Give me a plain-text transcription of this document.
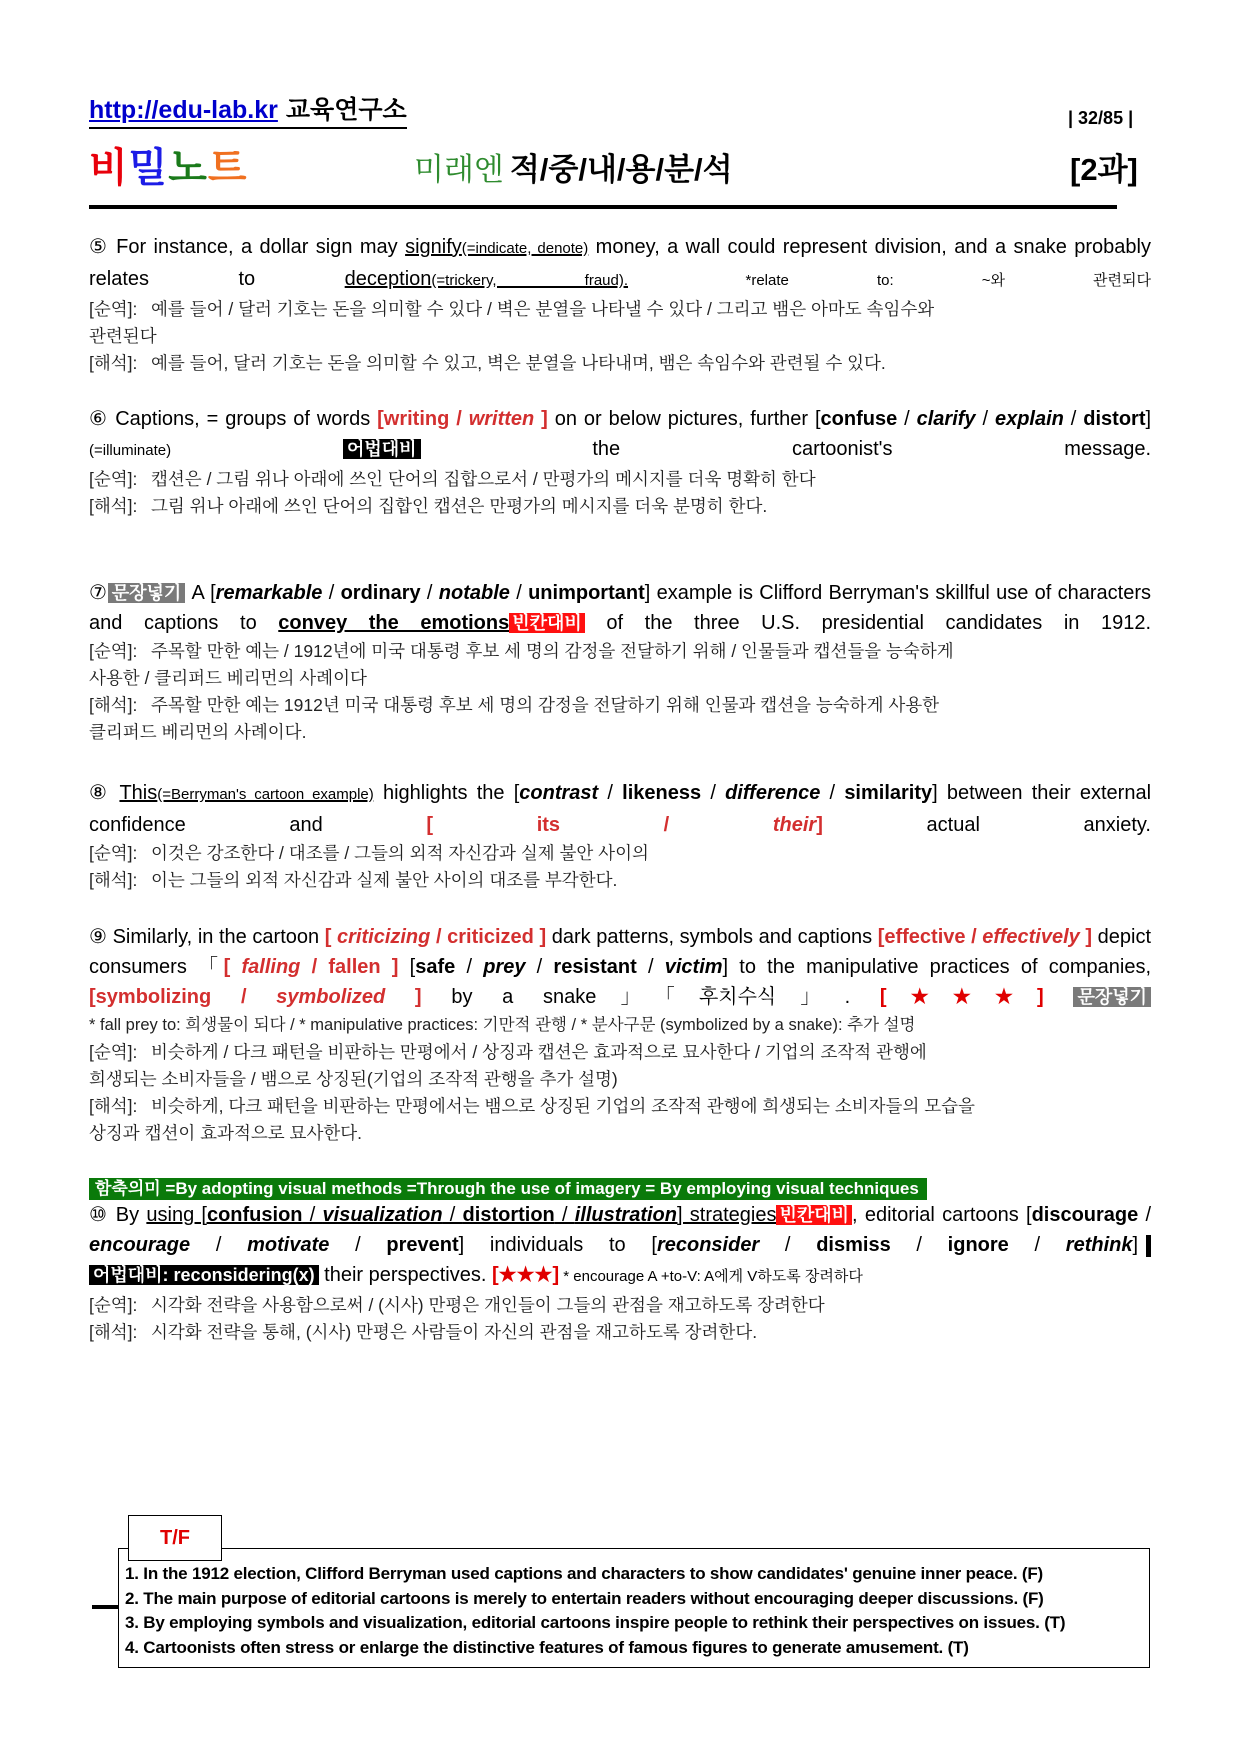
http://edu-lab.kr 교육연구소	| 32/85 |
비밀노트	미래엔 적/중/내/용/분/석	[2과]
⑤ For instance, a dollar sign may signify(=indicate, denote) money, a wall could represent division, and a snake probably relates to deception(=trickery, fraud).	*relate to: ~와 관련되다
[순역]: 예를 들어 / 달러 기호는 돈을 의미할 수 있다 / 벽은 분열을 나타낼 수 있다 / 그리고 뱀은 아마도 속임수와
관련된다
[해석]: 예를 들어, 달러 기호는 돈을 의미할 수 있고, 벽은 분열을 나타내며, 뱀은 속임수와 관련될 수 있다.
⑥ Captions, = groups of words [writing / written ] on or below pictures, further [confuse / clarify / explain / distort](=illuminate)	어법대비 the cartoonist's message.
[순역]: 캡션은 / 그림 위나 아래에 쓰인 단어의 집합으로서 / 만평가의 메시지를 더욱 명확히 한다
[해석]: 그림 위나 아래에 쓰인 단어의 집합인 캡션은 만평가의 메시지를 더욱 분명히 한다.
⑦ 문장넣기 A [remarkable / ordinary / notable / unimportant] example is Clifford Berryman's skillful use of characters and captions to convey the emotions 빈칸대비 of the three U.S. presidential candidates in 1912.
[순역]: 주목할 만한 예는 / 1912년에 미국 대통령 후보 세 명의 감정을 전달하기 위해 / 인물들과 캡션들을 능숙하게
사용한 / 클리퍼드 베리먼의 사례이다
[해석]: 주목할 만한 예는 1912년 미국 대통령 후보 세 명의 감정을 전달하기 위해 인물과 캡션을 능숙하게 사용한
클리퍼드 베리먼의 사례이다.
⑧ This(=Berryman's cartoon example) highlights the [contrast / likeness / difference / similarity] between their external confidence and [ its / their] actual anxiety.
[순역]: 이것은 강조한다 / 대조를 / 그들의 외적 자신감과 실제 불안 사이의
[해석]: 이는 그들의 외적 자신감과 실제 불안 사이의 대조를 부각한다.
⑨ Similarly, in the cartoon [ criticizing / criticized ] dark patterns, symbols and captions [effective / effectively ] depict consumers 「[ falling / fallen ] [safe / prey / resistant / victim] to the manipulative practices of companies, [symbolizing / symbolized ] by a snake」「후치수식」. [★★★] 문장넣기
* fall prey to: 희생물이 되다 / * manipulative practices: 기만적 관행 / * 분사구문 (symbolized by a snake): 추가 설명
[순역]: 비슷하게 / 다크 패턴을 비판하는 만평에서 / 상징과 캡션은 효과적으로 묘사한다 / 기업의 조작적 관행에
희생되는 소비자들을 / 뱀으로 상징된(기업의 조작적 관행을 추가 설명)
[해석]: 비슷하게, 다크 패턴을 비판하는 만평에서는 뱀으로 상징된 기업의 조작적 관행에 희생되는 소비자들의 모습을
상징과 캡션이 효과적으로 묘사한다.
함축의미 =By adopting visual methods =Through the use of imagery = By employing visual techniques
⑩ By using [confusion / visualization / distortion / illustration] strategies 빈칸대비 , editorial cartoons [discourage / encourage / motivate / prevent] individuals to [reconsider / dismiss / ignore / rethink]
어법대비: reconsidering(x) their perspectives. [★★★] * encourage A +to-V: A에게 V하도록 장려하다
[순역]: 시각화 전략을 사용함으로써 / (시사) 만평은 개인들이 그들의 관점을 재고하도록 장려한다
[해석]: 시각화 전략을 통해, (시사) 만평은 사람들이 자신의 관점을 재고하도록 장려한다.
T/F
1. In the 1912 election, Clifford Berryman used captions and characters to show candidates' genuine inner peace. (F)
2. The main purpose of editorial cartoons is merely to entertain readers without encouraging deeper discussions. (F)
3. By employing symbols and visualization, editorial cartoons inspire people to rethink their perspectives on issues. (T)
4. Cartoonists often stress or enlarge the distinctive features of famous figures to generate amusement. (T)
